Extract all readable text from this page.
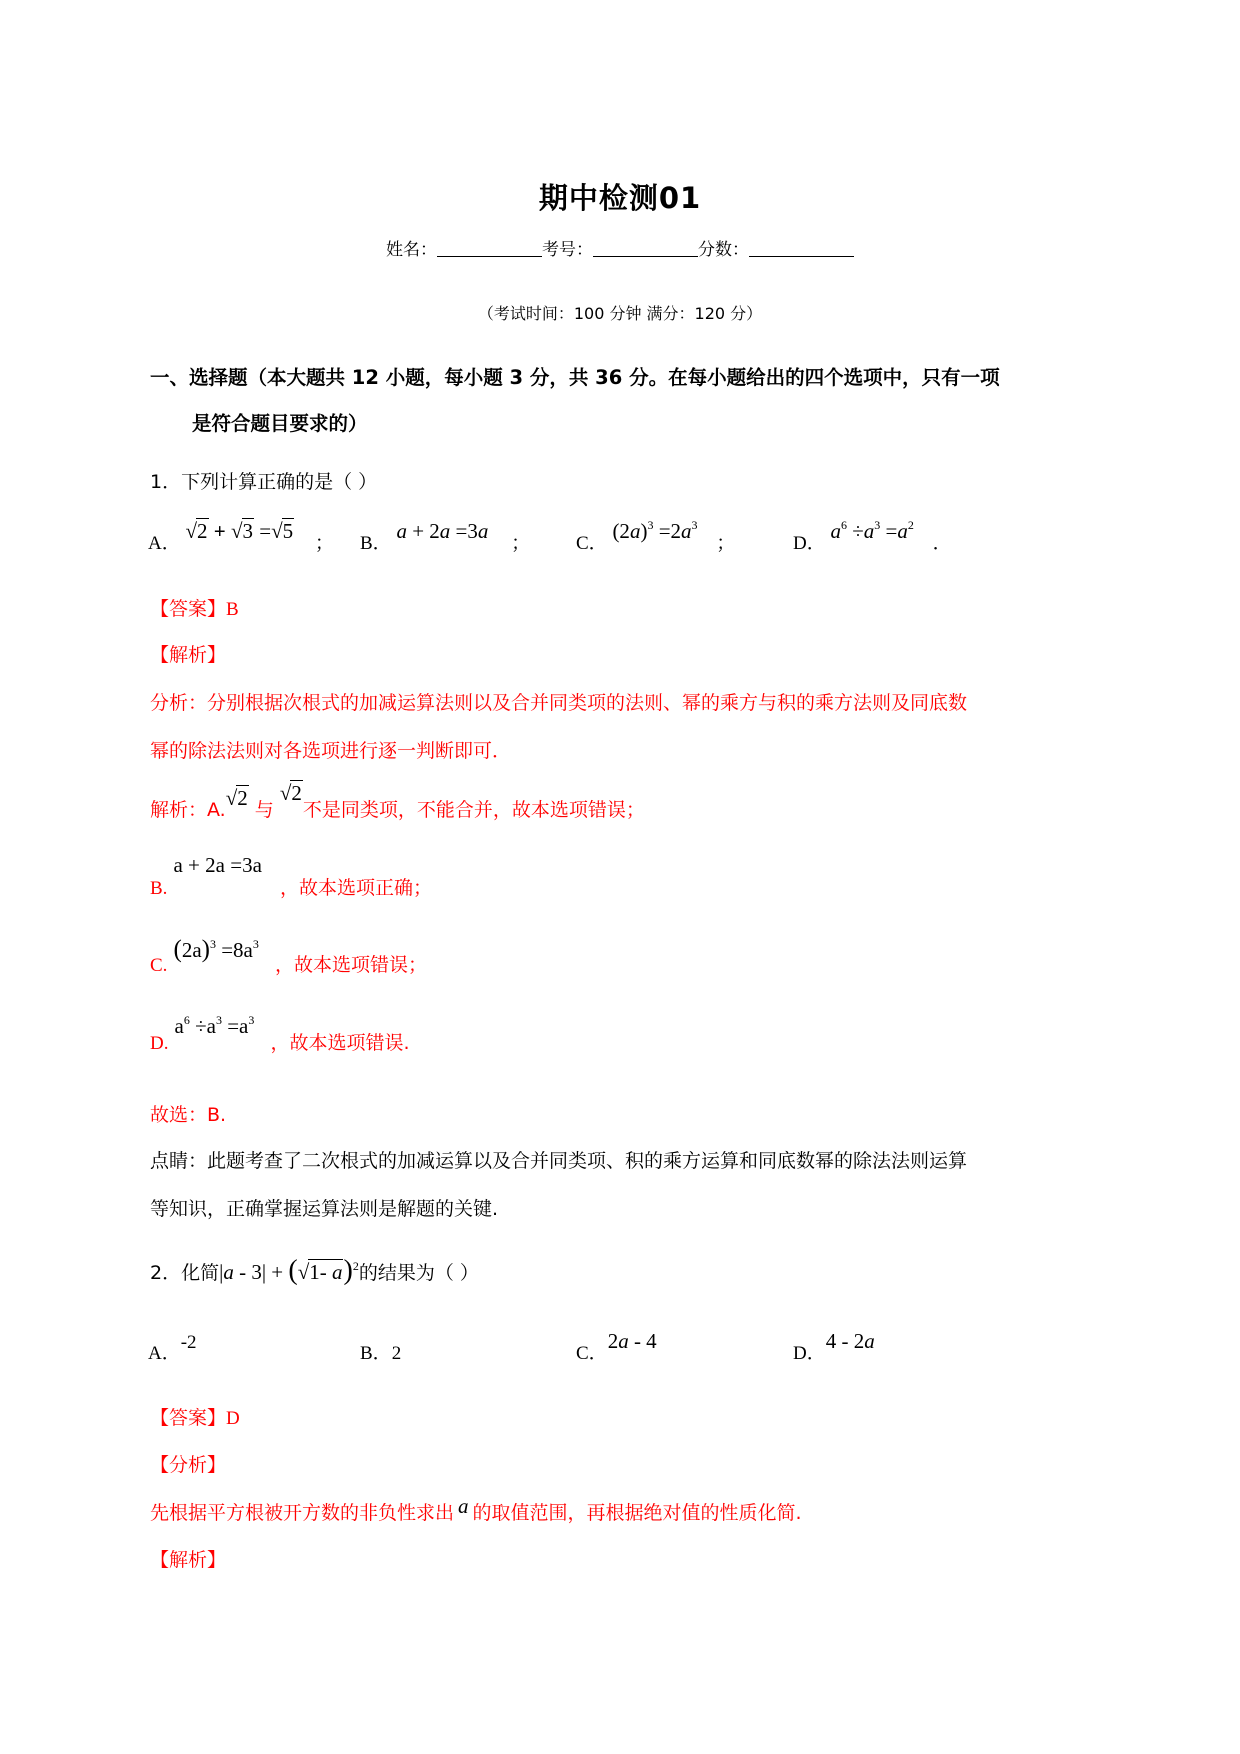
期中检测01
姓名：	考号：	分数：
（考试时间：100 分钟 满分：120 分）
一、选择题（本大题共 12 小题，每小题 3 分，共 36 分。在每小题给出的四个选项中，只有一项
是符合题目要求的）
1．下列计算正确的是（ ）
A． √2 + √3 =√5 ； B． a + 2a =3a ； C． $(2a)^3 =2a^3$ ；	D． $a^6 \div a^3 =a^2$ ．
【答案】B
【解析】
分析：分别根据次根式的加减运算法则以及合并同类项的法则、幂的乘方与积的乘方法则及同底数
幂的除法法则对各选项进行逐一判断即可．
解析：A.√2 与 √2不是同类项，不能合并，故本选项错误；
B. a + 2a =3a ，故本选项正确；
C. $(2a)^3 =8a^3$ ，故本选项错误；
D. $a^6 \div a^3 =a^3$ ，故本选项错误.
故选：B.
点睛：此题考查了二次根式的加减运算以及合并同类项、积的乘方运算和同底数幂的除法法则运算
等知识，正确掌握运算法则是解题的关键.
2．化简|a - 3| + (√1- a)$^2$的结果为（ ）
A．-2
B．2	C．2a - 4
D．4 - 2a
【答案】D
【分析】
先根据平方根被开方数的非负性求出 a 的取值范围，再根据绝对值的性质化简.
【解析】
